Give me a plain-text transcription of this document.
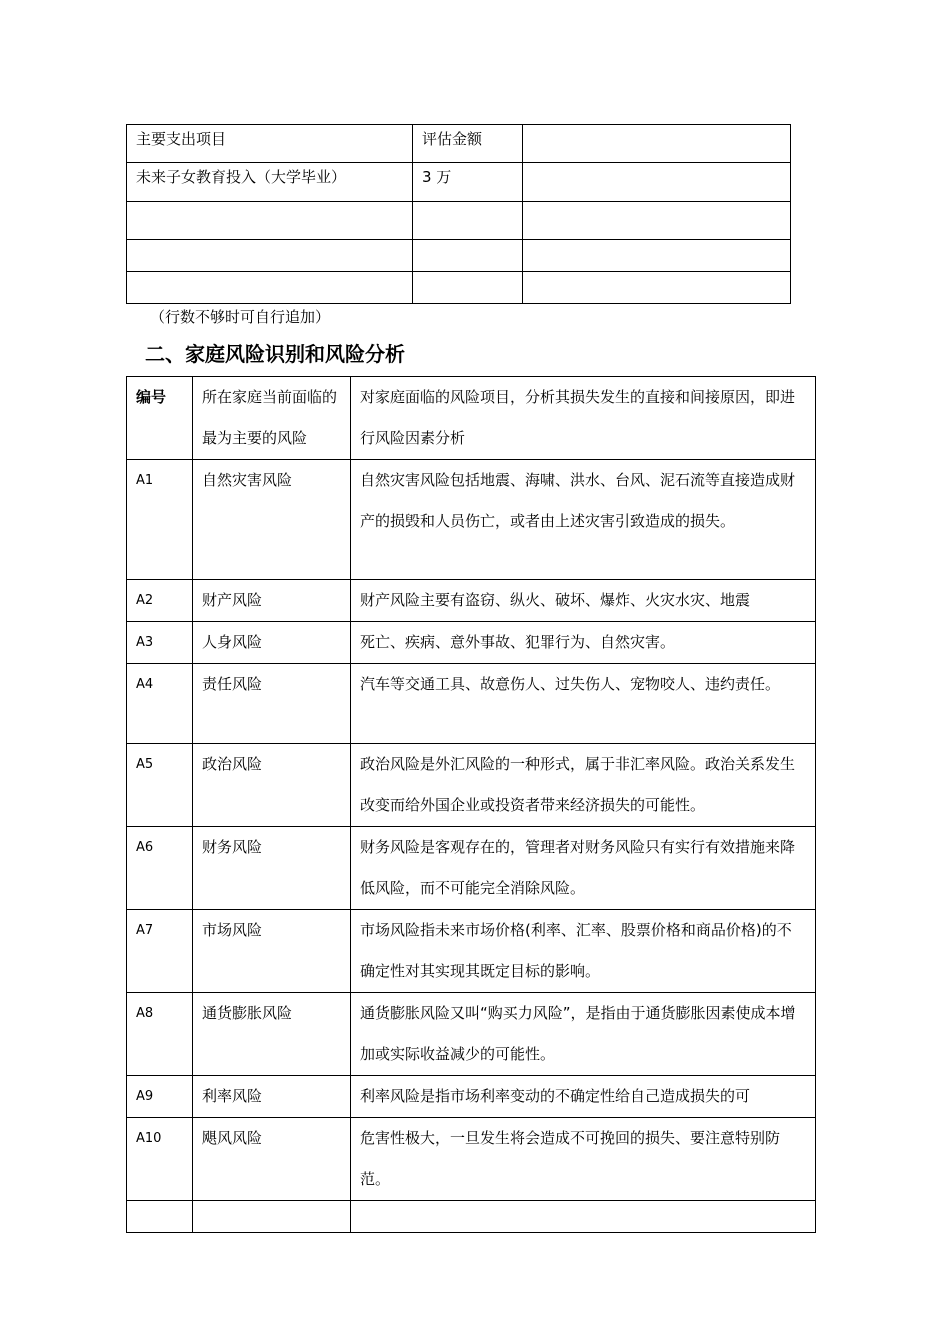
主要支出项目	评估金额	
未来子女教育投入（大学毕业）	3 万	

（行数不够时可自行追加）
二、家庭风险识别和风险分析
编号	所在家庭当前面临的最为主要的风险	对家庭面临的风险项目，分析其损失发生的直接和间接原因，即进行风险因素分析
A1	自然灾害风险	自然灾害风险包括地震、海啸、洪水、台风、泥石流等直接造成财产的损毁和人员伤亡，或者由上述灾害引致造成的损失。
A2	财产风险	财产风险主要有盗窃、纵火、破坏、爆炸、火灾水灾、地震
A3	人身风险	死亡、疾病、意外事故、犯罪行为、自然灾害。
A4	责任风险	汽车等交通工具、故意伤人、过失伤人、宠物咬人、违约责任。
A5	政治风险	政治风险是外汇风险的一种形式，属于非汇率风险。政治关系发生改变而给外国企业或投资者带来经济损失的可能性。
A6	财务风险	财务风险是客观存在的，管理者对财务风险只有实行有效措施来降低风险，而不可能完全消除风险。
A7	市场风险	市场风险指未来市场价格(利率、汇率、股票价格和商品价格)的不确定性对其实现其既定目标的影响。
A8	通货膨胀风险	通货膨胀风险又叫“购买力风险”，是指由于通货膨胀因素使成本增加或实际收益减少的可能性。
A9	利率风险	利率风险是指市场利率变动的不确定性给自己造成损失的可
A10	飓风风险	危害性极大，一旦发生将会造成不可挽回的损失、要注意特别防范。
